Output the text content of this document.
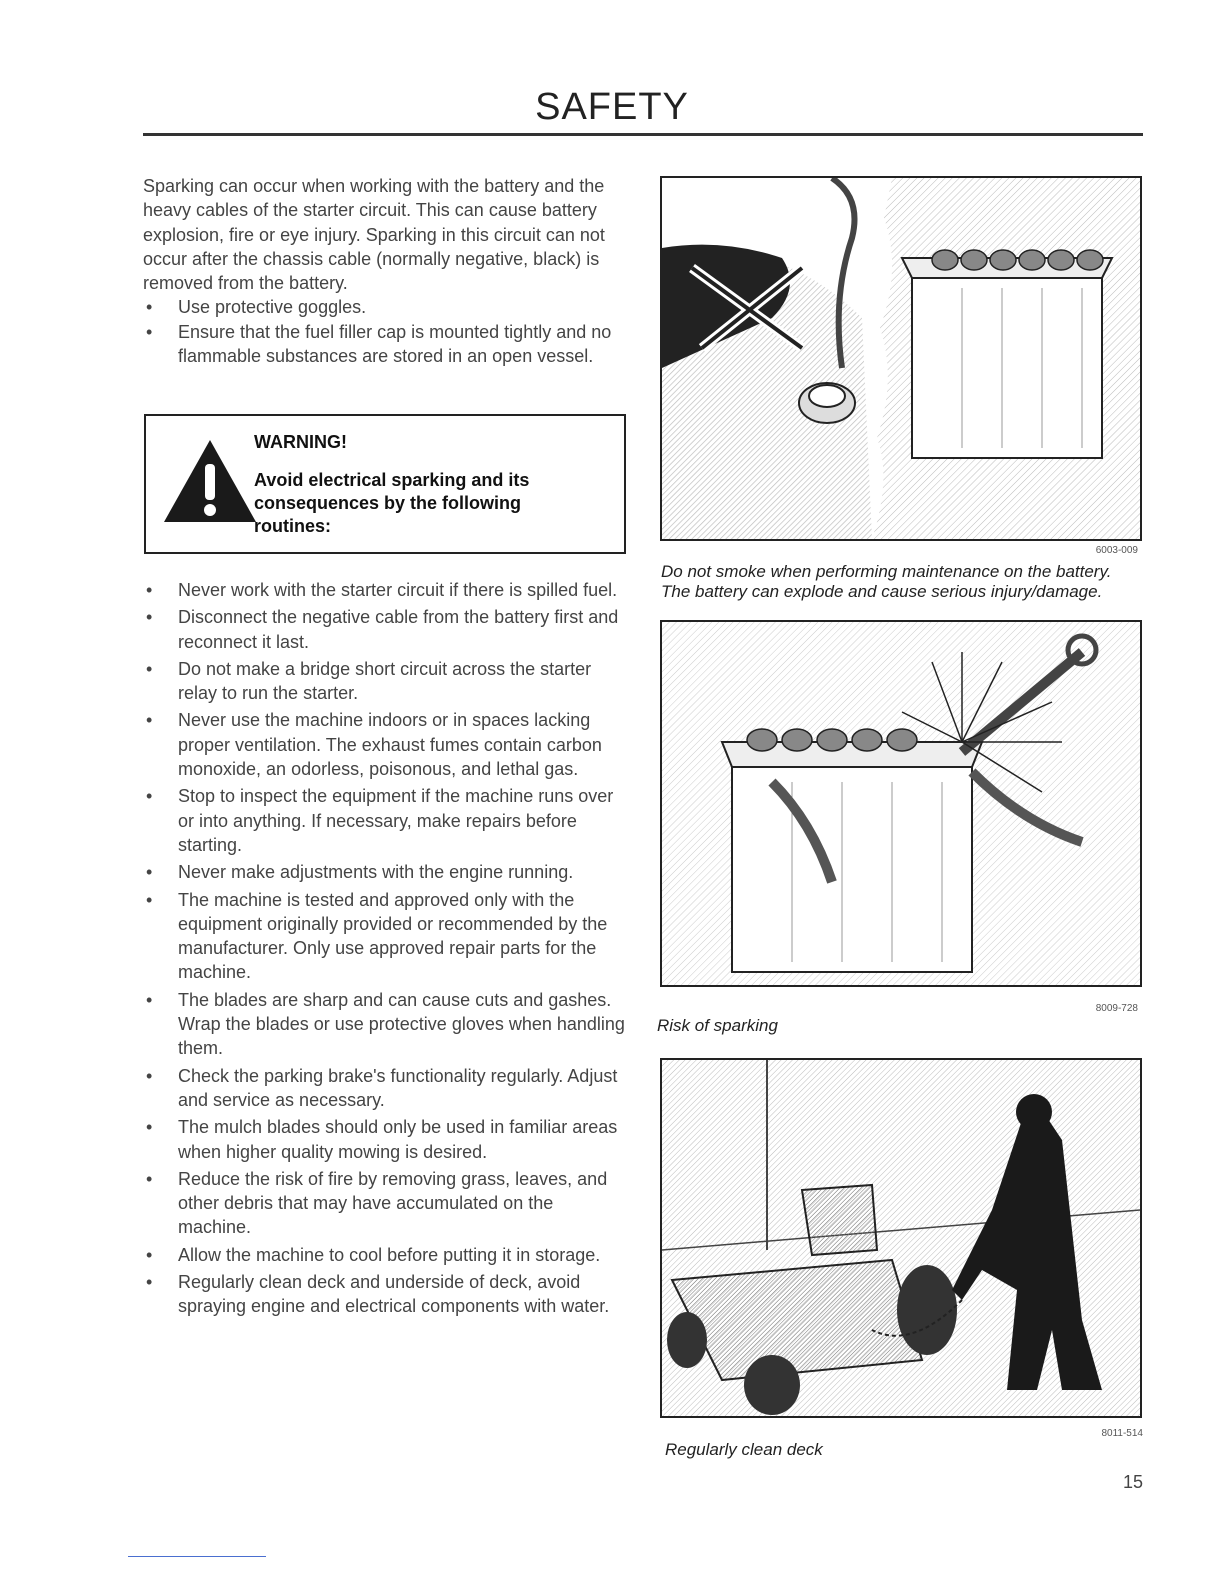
SAFETY

Sparking can occur when working with the battery and the heavy cables of the starter circuit. This can cause battery explosion, fire or eye injury. Sparking in this circuit can not occur after the chassis cable (normally negative, black) is removed from the battery.

• Use protective goggles.
• Ensure that the fuel filler cap is mounted tightly and no flammable substances are stored in an open vessel.
WARNING!
Avoid electrical sparking and its consequences by the following routines:
• Never work with the starter circuit if there is spilled fuel.
• Disconnect the negative cable from the battery first and reconnect it last.
• Do not make a bridge short circuit across the starter relay to run the starter.
• Never use the machine indoors or in spaces lacking proper ventilation. The exhaust fumes contain carbon monoxide, an odorless, poisonous, and lethal gas.
• Stop to inspect the equipment if the machine runs over or into anything. If necessary, make repairs before starting.
• Never make adjustments with the engine running.
• The machine is tested and approved only with the equipment originally provided or recommended by the manufacturer. Only use approved repair parts for the machine.
• The blades are sharp and can cause cuts and gashes. Wrap the blades or use protective gloves when handling them.
• Check the parking brake's functionality regularly. Adjust and service as necessary.
• The mulch blades should only be used in familiar areas when higher quality mowing is desired.
• Reduce the risk of fire by removing grass, leaves, and other debris that may have accumulated on the machine.
• Allow the machine to cool before putting it in storage.
• Regularly clean deck and underside of deck, avoid spraying engine and electrical components with water.
6003-009
Do not smoke when performing maintenance on the battery.
The battery can explode and cause serious injury/damage.
8009-728
Risk of sparking
8011-514
Regularly clean deck
15
